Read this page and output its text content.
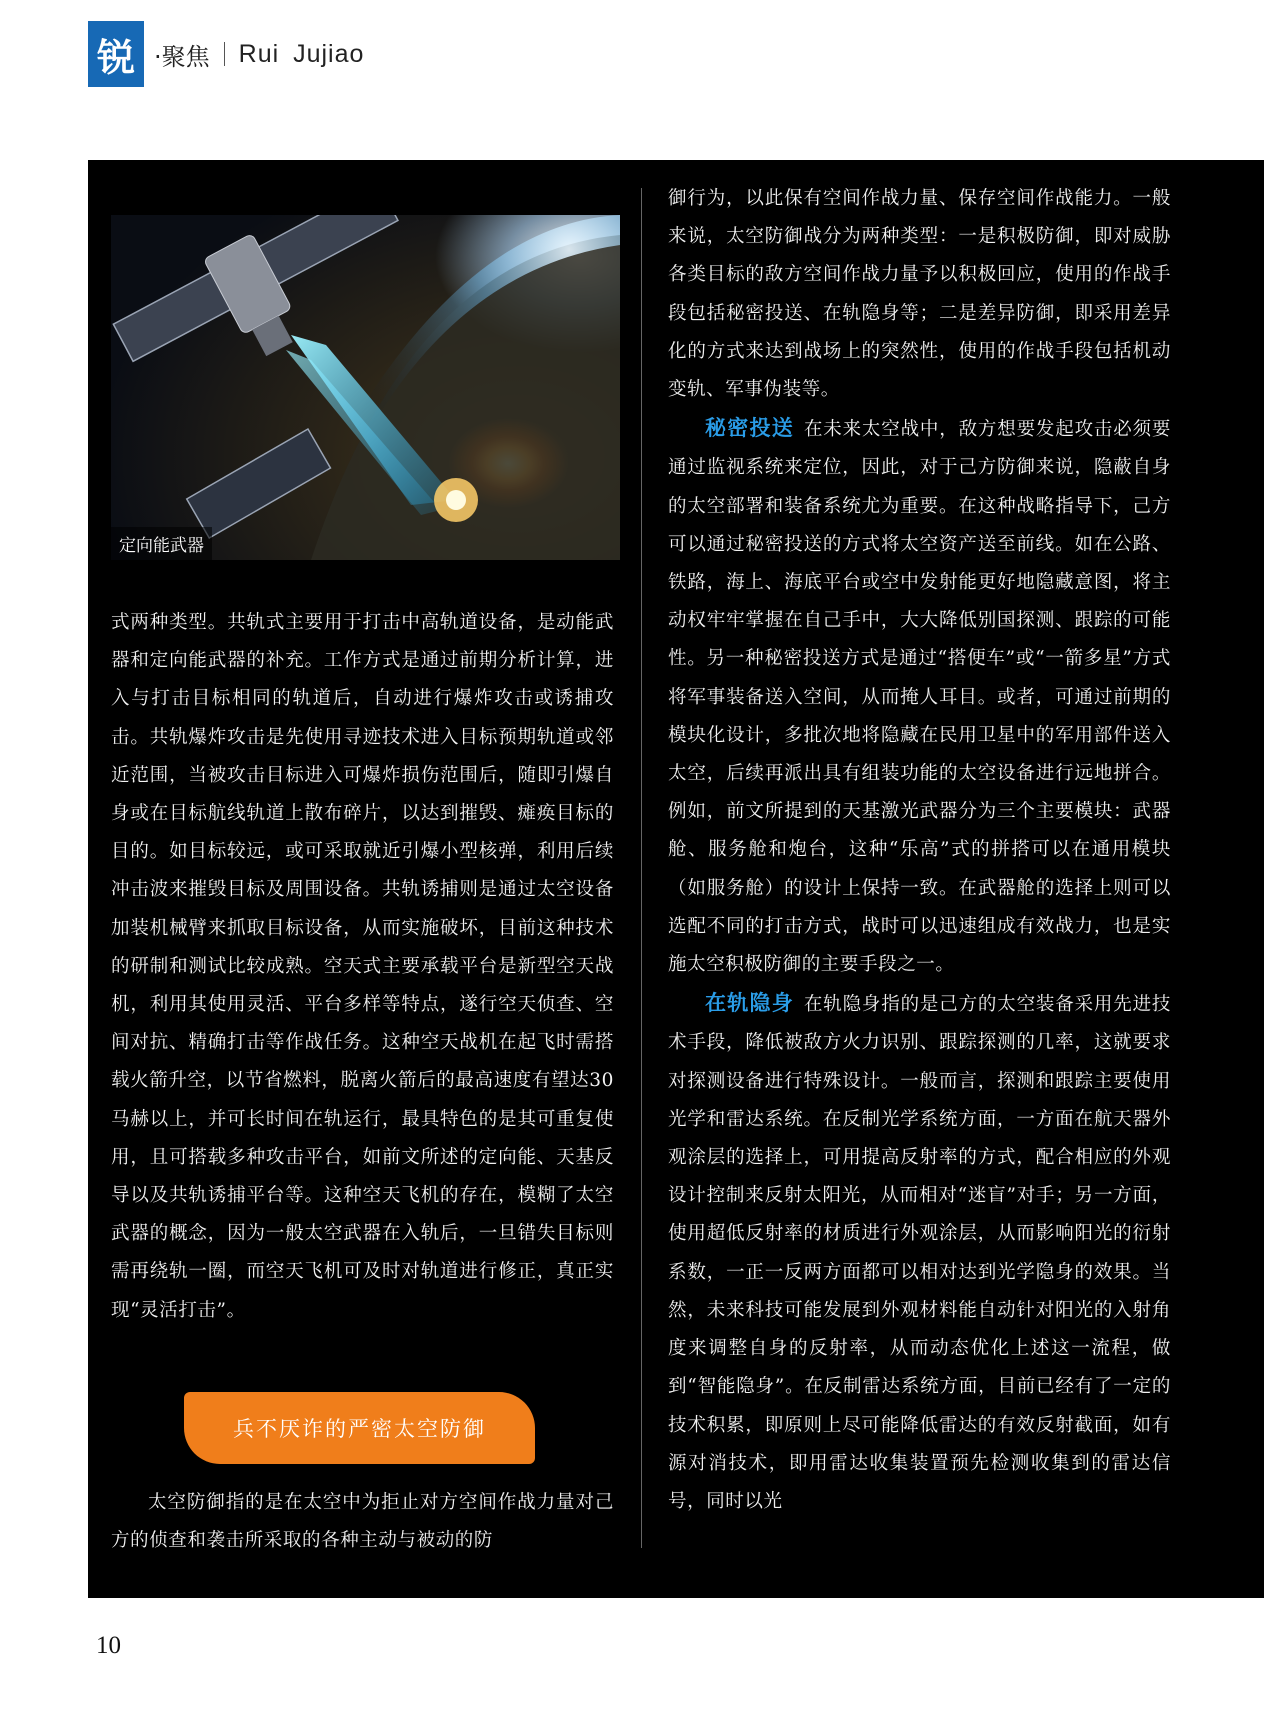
锐 ·聚焦 Rui Jujiao
定向能武器

式两种类型。共轨式主要用于打击中高轨道设备，是动能武器和定向能武器的补充。工作方式是通过前期分析计算，进入与打击目标相同的轨道后，自动进行爆炸攻击或诱捕攻击。共轨爆炸攻击是先使用寻迹技术进入目标预期轨道或邻近范围，当被攻击目标进入可爆炸损伤范围后，随即引爆自身或在目标航线轨道上散布碎片，以达到摧毁、瘫痪目标的目的。如目标较远，或可采取就近引爆小型核弹，利用后续冲击波来摧毁目标及周围设备。共轨诱捕则是通过太空设备加装机械臂来抓取目标设备，从而实施破坏，目前这种技术的研制和测试比较成熟。空天式主要承载平台是新型空天战机，利用其使用灵活、平台多样等特点，遂行空天侦查、空间对抗、精确打击等作战任务。这种空天战机在起飞时需搭载火箭升空，以节省燃料，脱离火箭后的最高速度有望达30马赫以上，并可长时间在轨运行，最具特色的是其可重复使用，且可搭载多种攻击平台，如前文所述的定向能、天基反导以及共轨诱捕平台等。这种空天飞机的存在，模糊了太空武器的概念，因为一般太空武器在入轨后，一旦错失目标则需再绕轨一圈，而空天飞机可及时对轨道进行修正，真正实现“灵活打击”。

兵不厌诈的严密太空防御

太空防御指的是在太空中为拒止对方空间作战力量对己方的侦查和袭击所采取的各种主动与被动的防

御行为，以此保有空间作战力量、保存空间作战能力。一般来说，太空防御战分为两种类型：一是积极防御，即对威胁各类目标的敌方空间作战力量予以积极回应，使用的作战手段包括秘密投送、在轨隐身等；二是差异防御，即采用差异化的方式来达到战场上的突然性，使用的作战手段包括机动变轨、军事伪装等。

秘密投送 在未来太空战中，敌方想要发起攻击必须要通过监视系统来定位，因此，对于己方防御来说，隐蔽自身的太空部署和装备系统尤为重要。在这种战略指导下，己方可以通过秘密投送的方式将太空资产送至前线。如在公路、铁路，海上、海底平台或空中发射能更好地隐藏意图，将主动权牢牢掌握在自己手中，大大降低别国探测、跟踪的可能性。另一种秘密投送方式是通过“搭便车”或“一箭多星”方式将军事装备送入空间，从而掩人耳目。或者，可通过前期的模块化设计，多批次地将隐藏在民用卫星中的军用部件送入太空，后续再派出具有组装功能的太空设备进行远地拼合。例如，前文所提到的天基激光武器分为三个主要模块：武器舱、服务舱和炮台，这种“乐高”式的拼搭可以在通用模块（如服务舱）的设计上保持一致。在武器舱的选择上则可以选配不同的打击方式，战时可以迅速组成有效战力，也是实施太空积极防御的主要手段之一。

在轨隐身 在轨隐身指的是己方的太空装备采用先进技术手段，降低被敌方火力识别、跟踪探测的几率，这就要求对探测设备进行特殊设计。一般而言，探测和跟踪主要使用光学和雷达系统。在反制光学系统方面，一方面在航天器外观涂层的选择上，可用提高反射率的方式，配合相应的外观设计控制来反射太阳光，从而相对“迷盲”对手；另一方面，使用超低反射率的材质进行外观涂层，从而影响阳光的衍射系数，一正一反两方面都可以相对达到光学隐身的效果。当然，未来科技可能发展到外观材料能自动针对阳光的入射角度来调整自身的反射率，从而动态优化上述这一流程，做到“智能隐身”。在反制雷达系统方面，目前已经有了一定的技术积累，即原则上尽可能降低雷达的有效反射截面，如有源对消技术，即用雷达收集装置预先检测收集到的雷达信号，同时以光

10
